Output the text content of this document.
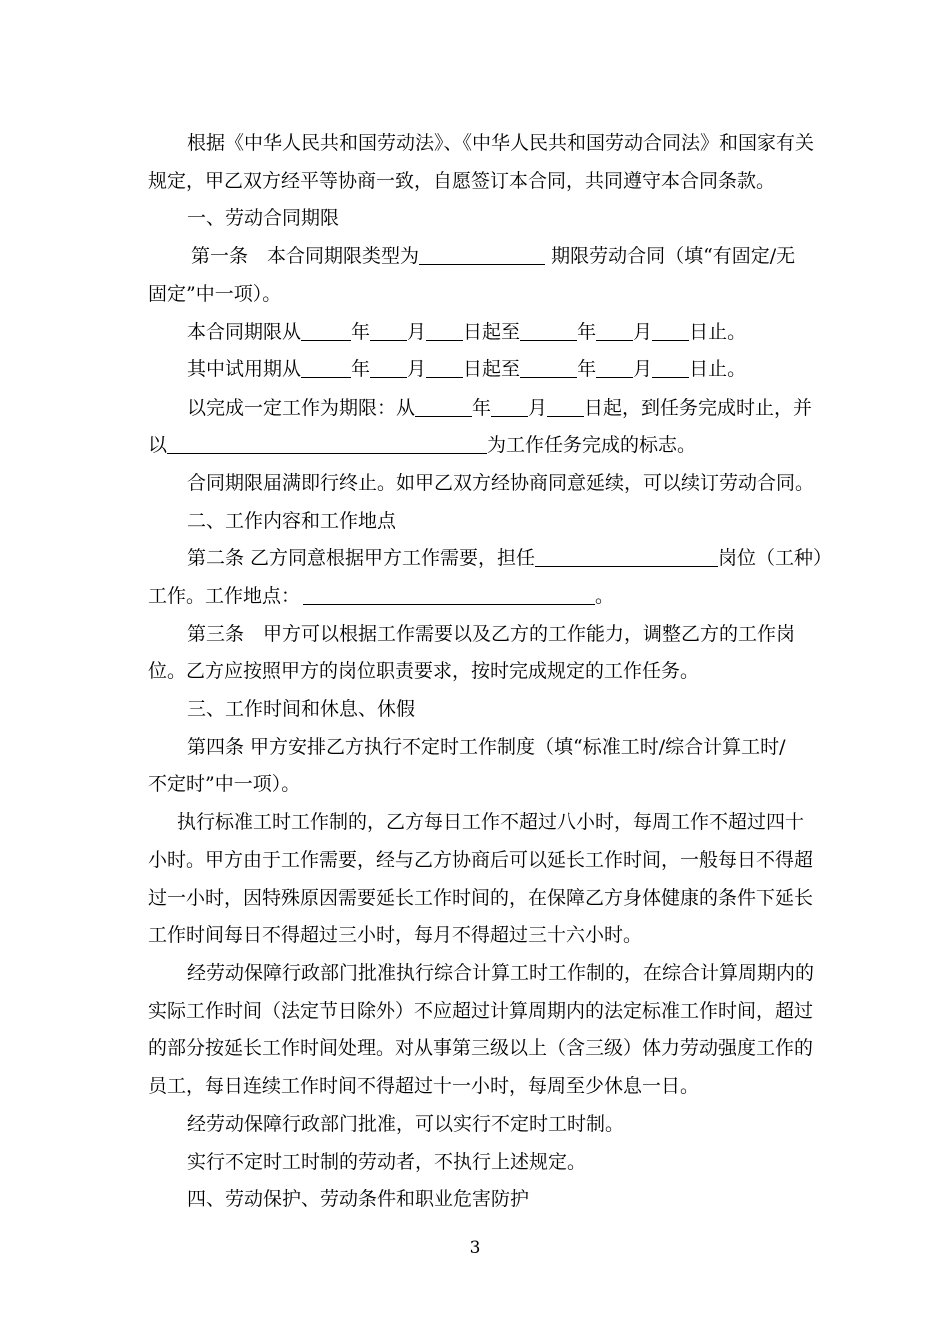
根据《中华人民共和国劳动法》、《中华人民共和国劳动合同法》和国家有关
规定，甲乙双方经平等协商一致，自愿签订本合同，共同遵守本合同条款。
一、劳动合同期限
第一条　本合同期限类型为	期限劳动合同（填“有固定/无
固定”中一项）。
本合同期限从	年 月 日起至	年 月 日止。
其中试用期从	年 月 日起至	年 月 日止。
以完成一定工作为期限：从	年 月 日起，到任务完成时止，并
以	为工作任务完成的标志。
合同期限届满即行终止。如甲乙双方经协商同意延续，可以续订劳动合同。
二、工作内容和工作地点
第二条 乙方同意根据甲方工作需要，担任	岗位（工种）
工作。工作地点：	。
第三条　甲方可以根据工作需要以及乙方的工作能力，调整乙方的工作岗
位。乙方应按照甲方的岗位职责要求，按时完成规定的工作任务。
三、工作时间和休息、休假
第四条 甲方安排乙方执行不定时工作制度（填“标准工时/综合计算工时/
不定时”中一项）。
执行标准工时工作制的，乙方每日工作不超过八小时，每周工作不超过四十
小时。甲方由于工作需要，经与乙方协商后可以延长工作时间，一般每日不得超
过一小时，因特殊原因需要延长工作时间的，在保障乙方身体健康的条件下延长
工作时间每日不得超过三小时，每月不得超过三十六小时。
经劳动保障行政部门批准执行综合计算工时工作制的，在综合计算周期内的
实际工作时间（法定节日除外）不应超过计算周期内的法定标准工作时间，超过
的部分按延长工作时间处理。对从事第三级以上（含三级）体力劳动强度工作的
员工，每日连续工作时间不得超过十一小时，每周至少休息一日。
经劳动保障行政部门批准，可以实行不定时工时制。
实行不定时工时制的劳动者，不执行上述规定。
四、劳动保护、劳动条件和职业危害防护
3
